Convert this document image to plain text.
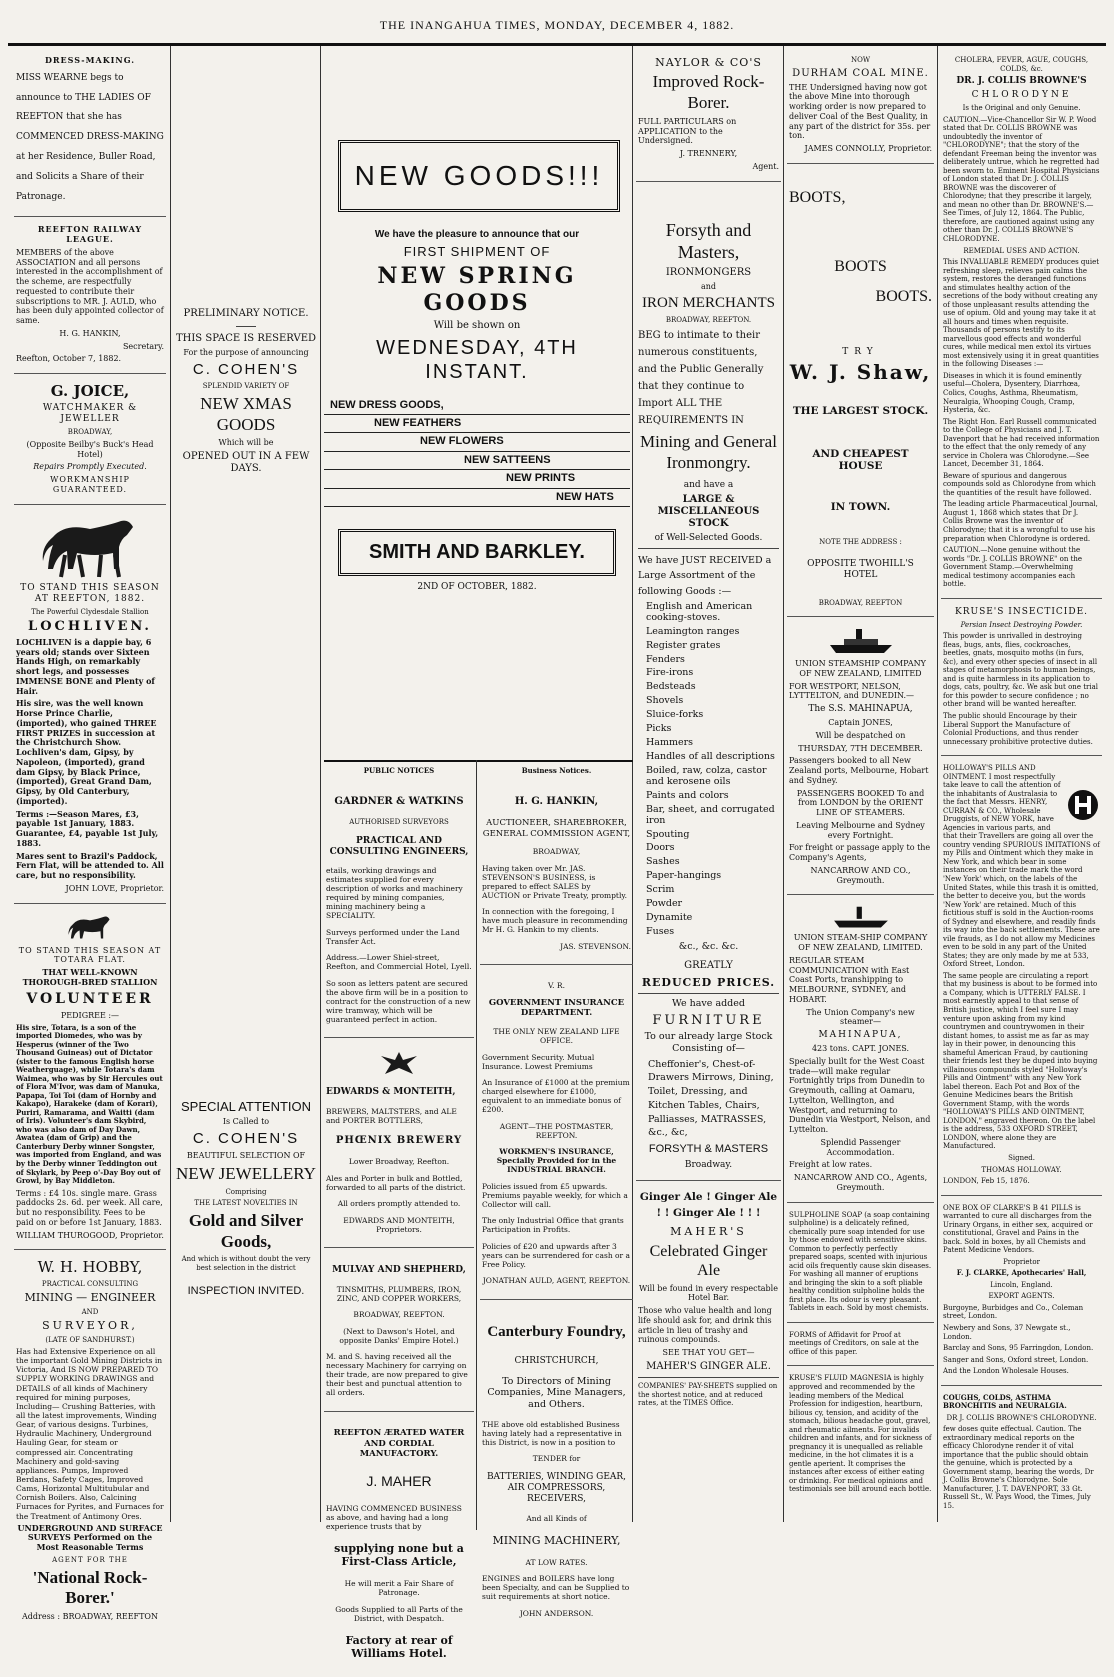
THE INANGAHUA TIMES, MONDAY, DECEMBER 4, 1882.

DRESS-MAKING.

MISS WEARNE begs to announce to THE LADIES OF REEFTON that she has COMMENCED DRESS-MAKING at her Residence, Buller Road, and Solicits a Share of their Patronage.

REEFTON RAILWAY LEAGUE.

MEMBERS of the above ASSOCIATION and all persons interested in the accomplishment of the scheme, are respectfully requested to contribute their subscriptions to MR. J. AULD, who has been duly appointed collector of same.

H. G. HANKIN,

Secretary.

Reefton, October 7, 1882.

G. JOICE,

WATCHMAKER & JEWELLER

BROADWAY,

(Opposite Beilby's Buck's Head Hotel)

Repairs Promptly Executed.

WORKMANSHIP GUARANTEED.

TO STAND THIS SEASON AT REEFTON, 1882.

The Powerful Clydesdale Stallion

LOCHLIVEN.

LOCHLIVEN is a dappie bay, 6 years old; stands over Sixteen Hands High, on remarkably short legs, and possesses IMMENSE BONE and Plenty of Hair.

His sire, was the well known Horse Prince Charlie, (imported), who gained THREE FIRST PRIZES in succession at the Christchurch Show. Lochliven's dam, Gipsy, by Napoleon, (imported), grand dam Gipsy, by Black Prince, (imported), Great Grand Dam, Gipsy, by Old Canterbury, (imported).

Terms :—Season Mares, £3, payable 1st January, 1883. Guarantee, £4, payable 1st July, 1883.

Mares sent to Brazil's Paddock, Fern Flat, will be attended to. All care, but no responsibility.

JOHN LOVE, Proprietor.

TO STAND THIS SEASON AT TOTARA FLAT.

THAT WELL-KNOWN THOROUGH-BRED STALLION

VOLUNTEER

PEDIGREE :—

His sire, Totara, is a son of the imported Diomedes, who was by Hesperus (winner of the Two Thousand Guineas) out of Dictator (sister to the famous English horse Weatherguage), while Totara's dam Waimea, who was by Sir Hercules out of Flora M'Ivor, was dam of Manuka, Papapa, Toi Toi (dam of Hornby and Kakapo), Harakeke (dam of Korari), Puriri, Ramarama, and Waitti (dam of Iris). Volunteer's dam Skybird, who was also dam of Day Dawn, Awatea (dam of Grip) and the Canterbury Derby winner Songster, was imported from England, and was by the Derby winner Teddington out of Skylark, by Peep o'-Day Boy out of Growl, by Bay Middleton.

Terms : £4 10s. single mare. Grass paddocks 2s. 6d. per week. All care, but no responsibility. Fees to be paid on or before 1st January, 1883.

WILLIAM THUROGOOD, Proprietor.

W. H. HOBBY,

PRACTICAL CONSULTING

MINING — ENGINEER

AND

SURVEYOR,

(LATE OF SANDHURST.)

Has had Extensive Experience on all the important Gold Mining Districts in Victoria, And IS NOW PREPARED TO SUPPLY WORKING DRAWINGS and DETAILS of all kinds of Machinery required for mining purposes, Including— Crushing Batteries, with all the latest improvements, Winding Gear, of various designs. Turbines, Hydraulic Machinery, Underground Hauling Gear, for steam or compressed air. Concentrating Machinery and gold-saving appliances. Pumps, Improved Berdans, Safety Cages, Improved Cams, Horizontal Multitubular and Cornish Boilers. Also, Calcining Furnaces for Pyrites, and Furnaces for the Treatment of Antimony Ores.

UNDERGROUND AND SURFACE SURVEYS Performed on the Most Reasonable Terms

AGENT FOR THE

'National Rock-Borer.'

Address : BROADWAY, REEFTON

PRELIMINARY NOTICE.

THIS SPACE IS RESERVED

For the purpose of announcing

C. COHEN'S

SPLENDID VARIETY OF

NEW XMAS GOODS

Which will be

OPENED OUT IN A FEW DAYS.

SPECIAL ATTENTION

Is Called to

C. COHEN'S

BEAUTIFUL SELECTION OF

NEW JEWELLERY

Comprising

THE LATEST NOVELTIES IN

Gold and Silver Goods,

And which is without doubt the very best selection in the district

INSPECTION INVITED.

NEW GOODS!!!

We have the pleasure to announce that our

FIRST SHIPMENT OF

NEW SPRING GOODS

Will be shown on

WEDNESDAY, 4TH INSTANT.

NEW DRESS GOODS,
NEW FEATHERS
NEW FLOWERS
NEW SATTEENS
NEW PRINTS
NEW HATS
SMITH AND BARKLEY.

2ND OF OCTOBER, 1882.

PUBLIC NOTICES

GARDNER & WATKINS

AUTHORISED SURVEYORS

PRACTICAL AND CONSULTING ENGINEERS,

etails, working drawings and estimates supplied for every description of works and machinery required by mining companies, mining machinery being a SPECIALITY.

Surveys performed under the Land Transfer Act.

Address.—Lower Shiel-street, Reefton, and Commercial Hotel, Lyell.

So soon as letters patent are secured the above firm will be in a position to contract for the construction of a new wire tramway, which will be guaranteed perfect in action.

EDWARDS & MONTEITH,

BREWERS, MALTSTERS, and ALE and PORTER BOTTLERS,

PHŒNIX BREWERY

Lower Broadway, Reefton.

Ales and Porter in bulk and Bottled, forwarded to all parts of the district.

All orders promptly attended to.

EDWARDS AND MONTEITH, Proprietors.

MULVAY AND SHEPHERD,

TINSMITHS, PLUMBERS, IRON, ZINC, AND COPPER WORKERS,

BROADWAY, REEFTON.

(Next to Dawson's Hotel, and opposite Danks' Empire Hotel.)

M. and S. having received all the necessary Machinery for carrying on their trade, are now prepared to give their best and punctual attention to all orders.

REEFTON ÆRATED WATER AND CORDIAL MANUFACTORY.

J. MAHER

HAVING COMMENCED BUSINESS as above, and having had a long experience trusts that by

supplying none but a First-Class Article,

He will merit a Fair Share of Patronage.

Goods Supplied to all Parts of the District, with Despatch.

Factory at rear of Williams Hotel.

Business Notices.

H. G. HANKIN,

AUCTIONEER, SHAREBROKER, GENERAL COMMISSION AGENT,

BROADWAY,

Having taken over Mr. JAS. STEVENSON'S BUSINESS, is prepared to effect SALES by AUCTION or Private Treaty, promptly.

In connection with the foregoing, I have much pleasure in recommending Mr H. G. Hankin to my clients.

JAS. STEVENSON.

V. R.

GOVERNMENT INSURANCE DEPARTMENT.

THE ONLY NEW ZEALAND LIFE OFFICE.

Government Security. Mutual Insurance. Lowest Premiums

An Insurance of £1000 at the premium charged elsewhere for £1000, equivalent to an immediate bonus of £200.

AGENT—THE POSTMASTER, REEFTON.

WORKMEN'S INSURANCE, Specially Provided for in the INDUSTRIAL BRANCH.

Policies issued from £5 upwards. Premiums payable weekly, for which a Collector will call.

The only Industrial Office that grants Participation in Profits.

Policies of £20 and upwards after 3 years can be surrendered for cash or a Free Policy.

JONATHAN AULD, AGENT, REEFTON.

Canterbury Foundry,

CHRISTCHURCH,

To Directors of Mining Companies, Mine Managers, and Others.

THE above old established Business having lately had a representative in this District, is now in a position to

TENDER for

BATTERIES, WINDING GEAR, AIR COMPRESSORS, RECEIVERS,

And all Kinds of

MINING MACHINERY,

AT LOW RATES.

ENGINES and BOILERS have long been Specialty, and can be Supplied to suit requirements at short notice.

JOHN ANDERSON.

NAYLOR & CO'S

Improved Rock-Borer.

FULL PARTICULARS on APPLICATION to the Undersigned.

J. TRENNERY,

Agent.

Forsyth and Masters,

IRONMONGERS

and

IRON MERCHANTS

BROADWAY, REEFTON.

BEG to intimate to their numerous constituents, and the Public Generally that they continue to Import ALL THE REQUIREMENTS IN

Mining and General Ironmongry.

and have a

LARGE & MISCELLANEOUS STOCK

of Well-Selected Goods.

We have JUST RECEIVED a Large Assortment of the following Goods :—

English and American cooking-stoves.

Leamington ranges

Register grates

Fenders

Fire-irons

Bedsteads

Shovels

Sluice-forks

Picks

Hammers

Handles of all descriptions

Boiled, raw, colza, castor and kerosene oils

Paints and colors

Bar, sheet, and corrugated iron

Spouting

Doors

Sashes

Paper-hangings

Scrim

Powder

Dynamite

Fuses

&c., &c. &c.

GREATLY

REDUCED PRICES.

We have added

FURNITURE

To our already large Stock Consisting of—

Cheffonier's, Chest-of-Drawers Mirrows, Dining, Toilet, Dressing, and Kitchen Tables, Chairs, Palliasses, MATRASSES, &c., &c,

FORSYTH & MASTERS

Broadway.

Ginger Ale ! Ginger Ale ! ! Ginger Ale ! ! !

MAHER'S

Celebrated Ginger Ale

Will be found in every respectable Hotel Bar.

Those who value health and long life should ask for, and drink this article in lieu of trashy and ruinous compounds.

SEE THAT YOU GET—

MAHER'S GINGER ALE.

COMPANIES' PAY-SHEETS supplied on the shortest notice, and at reduced rates, at the TIMES Office.

NOW

DURHAM COAL MINE.

THE Undersigned having now got the above Mine into thorough working order is now prepared to deliver Coal of the Best Quality, in any part of the district for 35s. per ton.

JAMES CONNOLLY, Proprietor.

BOOTS,

BOOTS

BOOTS.

TRY

W. J. Shaw,

THE LARGEST STOCK.

AND CHEAPEST HOUSE

IN TOWN.

NOTE THE ADDRESS :

OPPOSITE TWOHILL'S HOTEL

BROADWAY, REEFTON

UNION STEAMSHIP COMPANY OF NEW ZEALAND, LIMITED

FOR WESTPORT, NELSON, LYTTELTON, and DUNEDIN.—

The S.S. MAHINAPUA,

Captain JONES,

Will be despatched on

THURSDAY, 7TH DECEMBER.

Passengers booked to all New Zealand ports, Melbourne, Hobart and Sydney.

PASSENGERS BOOKED To and from LONDON by the ORIENT LINE OF STEAMERS.

Leaving Melbourne and Sydney every Fortnight.

For freight or passage apply to the Company's Agents,

NANCARROW AND CO., Greymouth.

UNION STEAM-SHIP COMPANY OF NEW ZEALAND, LIMITED.

REGULAR STEAM COMMUNICATION with East Coast Ports, transhipping to MELBOURNE, SYDNEY, and HOBART.

The Union Company's new steamer—

MAHINAPUA,

423 tons. CAPT. JONES.

Specially built for the West Coast trade—will make regular Fortnightly trips from Dunedin to Greymouth, calling at Oamaru, Lyttelton, Wellington, and Westport, and returning to Dunedin via Westport, Nelson, and Lyttelton.

Splendid Passenger Accommodation.

Freight at low rates.

NANCARROW AND CO., Agents, Greymouth.

SULPHOLINE SOAP (a soap containing sulpholine) is a delicately refined, chemically pure soap intended for use by those endowed with sensitive skins. Common to perfectly perfectly prepared soaps, scented with injurious acid oils frequently cause skin diseases. For washing all manner of eruptions and bringing the skin to a soft pliable healthy condition sulpholine holds the first place. Its odour is very pleasant. Tablets in each. Sold by most chemists.

FORMS of Affidavit for Proof at meetings of Creditors, on sale at the office of this paper.

KRUSE'S FLUID MAGNESIA is highly approved and recommended by the leading members of the Medical Profession for indigestion, heartburn, bilious cy, tension, and acidity of the stomach, bilious headache gout, gravel, and rheumatic ailments. For invalids children and infants, and for sickness of pregnancy it is unequalled as reliable medicine, in the hot climates it is a gentle aperient. It comprises the instances after excess of either eating or drinking. For medical opinions and testimonials see bill around each bottle.

CHOLERA, FEVER, AGUE, COUGHS, COLDS, &c.

DR. J. COLLIS BROWNE'S

CHLORODYNE

Is the Original and only Genuine.

CAUTION.—Vice-Chancellor Sir W. P. Wood stated that Dr. COLLIS BROWNE was undoubtedly the inventor of "CHLORODYNE"; that the story of the defendant Freeman being the inventor was deliberately untrue, which he regretted had been sworn to. Eminent Hospital Physicians of London stated that Dr. J. COLLIS BROWNE was the discoverer of Chlorodyne; that they prescribe it largely, and mean no other than Dr. BROWNE'S.—See Times, of July 12, 1864. The Public, therefore, are cautioned against using any other than Dr. J. COLLIS BROWNE'S CHLORODYNE.

REMEDIAL USES AND ACTION.

This INVALUABLE REMEDY produces quiet refreshing sleep, relieves pain calms the system, restores the deranged functions and stimulates healthy action of the secretions of the body without creating any of those unpleasant results attending the use of opium. Old and young may take it at all hours and times when requisite. Thousands of persons testify to its marvellous good effects and wonderful cures, while medical men extol its virtues most extensively using it in great quantities in the following Diseases :—

Diseases in which it is found eminently useful—Cholera, Dysentery, Diarrhœa, Colics, Coughs, Asthma, Rheumatism, Neuralgia, Whooping Cough, Cramp, Hysteria, &c.

The Right Hon. Earl Russell communicated to the College of Physicians and J. T. Davenport that he had received information to the effect that the only remedy of any service in Cholera was Chlorodyne.—See Lancet, December 31, 1864.

Beware of spurious and dangerous compounds sold as Chlorodyne from which the quantities of the result have followed.

The leading article Pharmaceutical Journal, August 1, 1868 which states that Dr J. Collis Browne was the inventor of Chlorodyne; that it is a wrongful to use his preparation when Chlorodyne is ordered.

CAUTION.—None genuine without the words "Dr. J. COLLIS BROWNE" on the Government Stamp.—Overwhelming medical testimony accompanies each bottle.

KRUSE'S INSECTICIDE.

Persian Insect Destroying Powder.

This powder is unrivalled in destroying fleas, bugs, ants, flies, cockroaches, beetles, gnats, mosquito moths (in furs, &c), and every other species of insect in all stages of metamorphosis to human beings, and is quite harmless in its application to dogs, cats, poultry, &c. We ask but one trial for this powder to secure confidence ; no other brand will be wanted hereafter.

The public should Encourage by their Liberal Support the Manufacture of Colonial Productions, and thus render unnecessary prohibitive protective duties.

HOLLOWAY'S PILLS AND OINTMENT. I most respectfully take leave to call the attention of the inhabitants of Australasia to the fact that Messrs. HENRY, CURRAN & CO., Wholesale Druggists, of NEW YORK, have Agencies in various parts, and that their Travellers are going all over the country vending SPURIOUS IMITATIONS of my Pills and Ointment which they make in New York, and which bear in some instances on their trade mark the word 'New York' which, on the labels of the United States, while this trash it is omitted, the better to deceive you, but the words 'New York' are retained. Much of this fictitious stuff is sold in the Auction-rooms of Sydney and elsewhere, and readily finds its way into the back settlements. These are vile frauds, as I do not allow my Medicines even to be sold in any part of the United States; they are only made by me at 533, Oxford Street, London.

The same people are circulating a report that my business is about to be formed into a Company, which is UTTERLY FALSE. I most earnestly appeal to that sense of British justice, which I feel sure I may venture upon asking from my kind countrymen and countrywomen in their distant homes, to assist me as far as may lay in their power, in denouncing this shameful American Fraud, by cautioning their friends lest they be duped into buying villainous compounds styled "Holloway's Pills and Ointment" with any New York label thereon. Each Pot and Box of the Genuine Medicines bears the British Government Stamp, with the words "HOLLOWAY'S PILLS AND OINTMENT, LONDON," engraved thereon. On the label is the address, 533 OXFORD STREET, LONDON, where alone they are Manufactured.

Signed.

THOMAS HOLLOWAY.

LONDON, Feb 15, 1876.

ONE BOX OF CLARKE'S B 41 PILLS is warranted to cure all discharges from the Urinary Organs, in either sex, acquired or constitutional, Gravel and Pains in the back. Sold in boxes, by all Chemists and Patent Medicine Vendors.

Proprietor

F. J. CLARKE, Apothecaries' Hall,

Lincoln, England.

EXPORT AGENTS.

Burgoyne, Burbidges and Co., Coleman street, London.

Newbery and Sons, 37 Newgate st., London.

Barclay and Sons, 95 Farringdon, London.

Sanger and Sons, Oxford street, London.

And the London Wholesale Houses.

COUGHS, COLDS, ASTHMA BRONCHITIS and NEURALGIA.

DR J. COLLIS BROWNE'S CHLORODYNE.

few doses quite effectual. Caution. The extraordinary medical reports on the efficacy Chlorodyne render it of vital importance that the public should obtain the genuine, which is protected by a Government stamp, bearing the words, Dr J. Collis Browne's Chlorodyne. Sole Manufacturer, J. T. DAVENPORT, 33 Gt. Russell St., W. Pays Wood, the Times, July 15.
